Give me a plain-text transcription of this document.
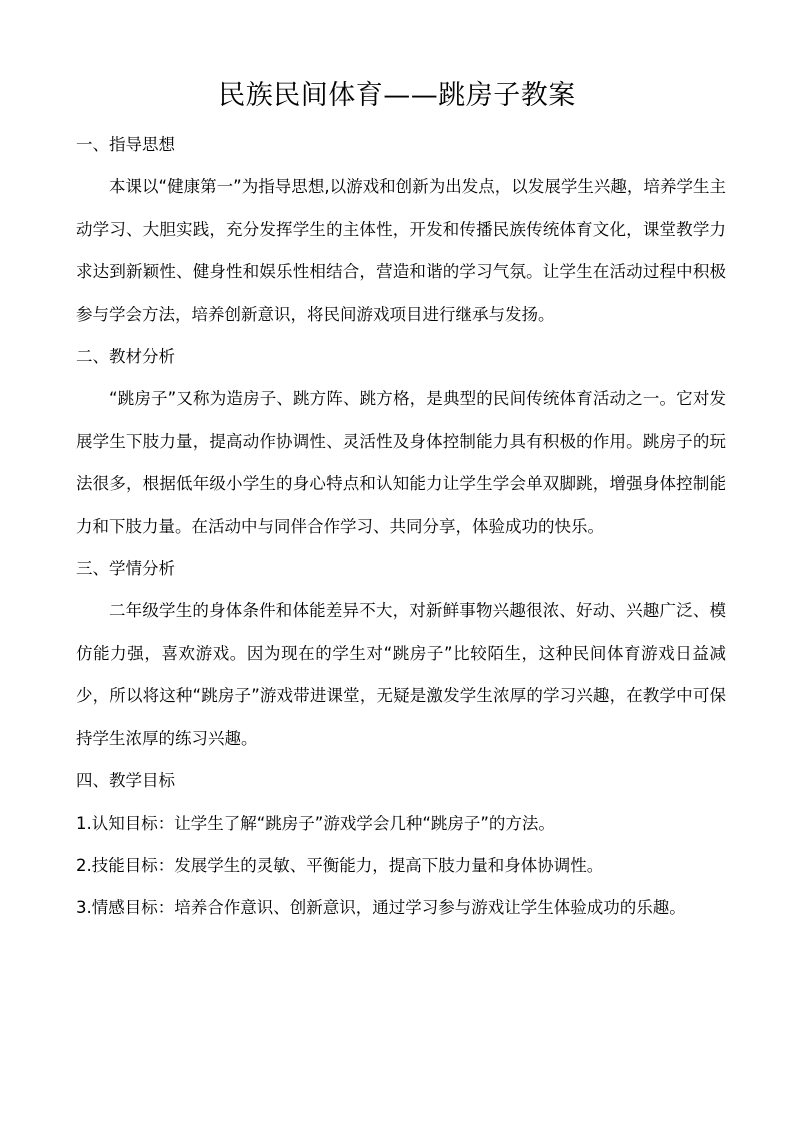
民族民间体育——跳房子教案

一、指导思想

本课以“健康第一”为指导思想,以游戏和创新为出发点，以发展学生兴趣，培养学生主动学习、大胆实践，充分发挥学生的主体性，开发和传播民族传统体育文化，课堂教学力求达到新颖性、健身性和娱乐性相结合，营造和谐的学习气氛。让学生在活动过程中积极参与学会方法，培养创新意识，将民间游戏项目进行继承与发扬。

二、教材分析

“跳房子”又称为造房子、跳方阵、跳方格，是典型的民间传统体育活动之一。它对发展学生下肢力量，提高动作协调性、灵活性及身体控制能力具有积极的作用。跳房子的玩法很多，根据低年级小学生的身心特点和认知能力让学生学会单双脚跳，增强身体控制能力和下肢力量。在活动中与同伴合作学习、共同分享，体验成功的快乐。

三、学情分析

二年级学生的身体条件和体能差异不大，对新鲜事物兴趣很浓、好动、兴趣广泛、模仿能力强，喜欢游戏。因为现在的学生对“跳房子”比较陌生，这种民间体育游戏日益减少，所以将这种“跳房子”游戏带进课堂，无疑是激发学生浓厚的学习兴趣，在教学中可保持学生浓厚的练习兴趣。

四、教学目标

1.认知目标：让学生了解“跳房子”游戏学会几种“跳房子”的方法。

2.技能目标：发展学生的灵敏、平衡能力，提高下肢力量和身体协调性。

3.情感目标：培养合作意识、创新意识，通过学习参与游戏让学生体验成功的乐趣。
